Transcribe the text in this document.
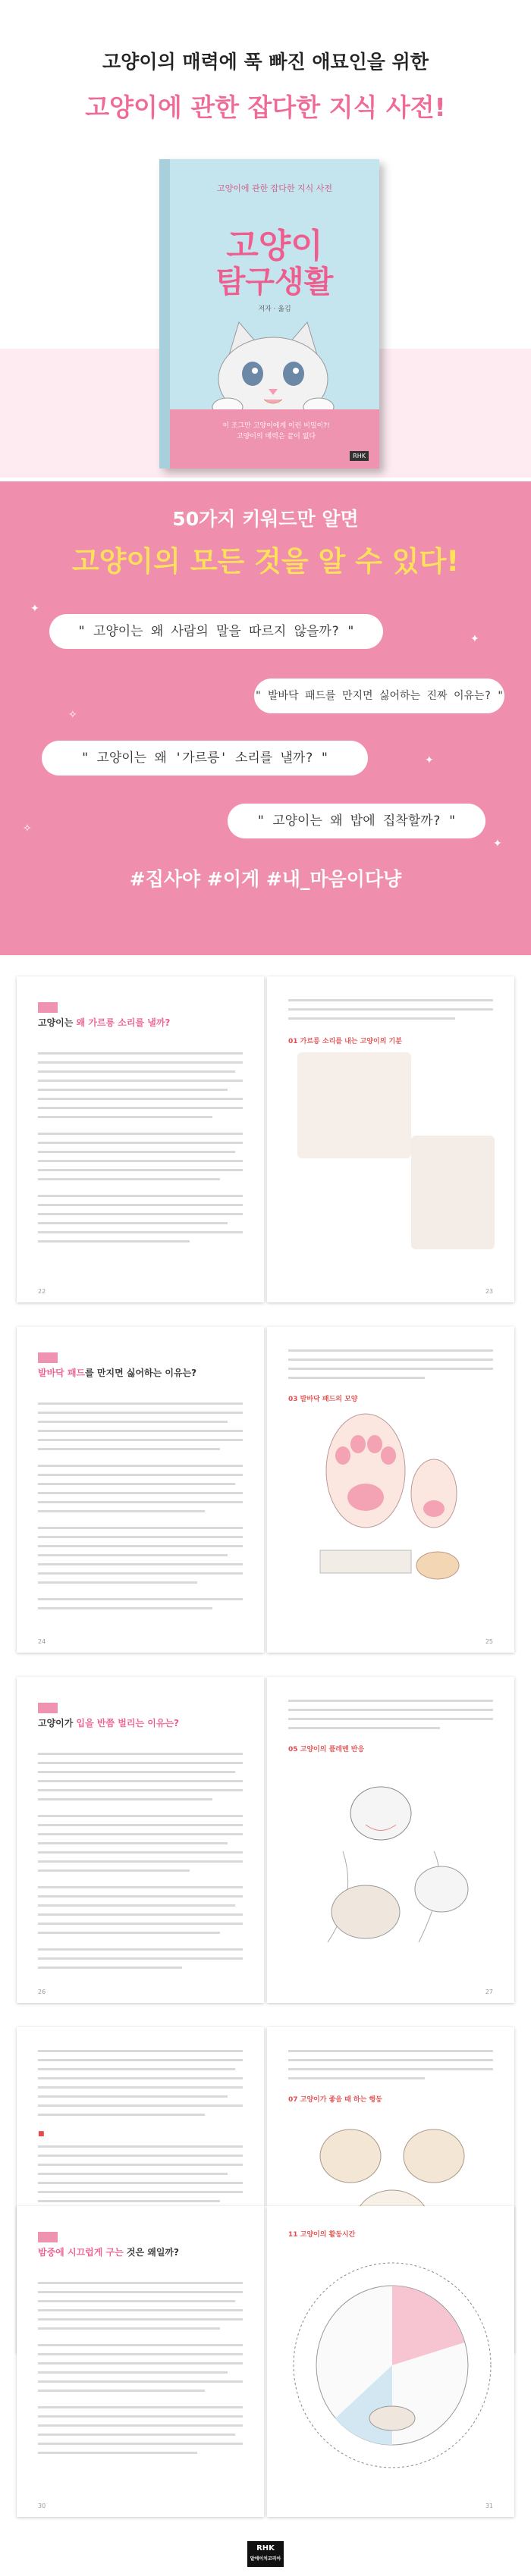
고양이의 매력에 푹 빠진 애묘인을 위한
고양이에 관한 잡다한 지식 사전!
고양이에 관한 잡다한 지식 사전
고양이
탐구생활
저자 ⋅ 옮김
이 조그만 고양이에게 이런 비밀이?!
고양이의 매력은 끝이 없다
RHK
50가지 키워드만 알면
고양이의 모든 것을 알 수 있다!
✦
✦
✧
✦
✧
✦
" 고양이는 왜 사람의 말을 따르지 않을까? "
" 발바닥 패드를 만지면 싫어하는 진짜 이유는? "
" 고양이는 왜 '가르릉' 소리를 낼까? "
" 고양이는 왜 밥에 집착할까? "
#집사야 #이게 #내_마음이다냥
고양이는 왜 가르릉 소리를 낼까?
22
01 가르릉 소리를 내는 고양이의 기분
23
발바닥 패드를 만지면 싫어하는 이유는?
24
03 발바닥 패드의 모양
25
고양이가 입을 반쯤 벌리는 이유는?
26
05 고양이의 플레멘 반응
27
■
07 고양이가 좋을 때 하는 행동
밤중에 시끄럽게 구는 것은 왜일까?
30
11 고양이의 활동시간
31
RHK
알에이치코리아
